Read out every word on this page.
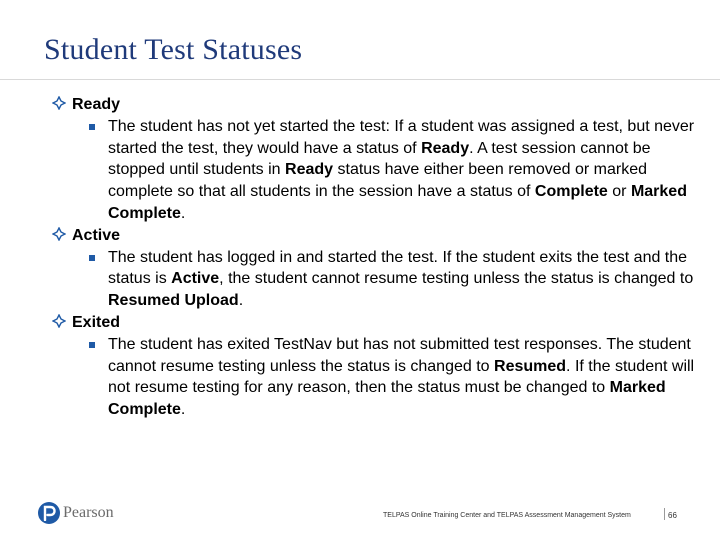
Student Test Statuses
Ready

The student has not yet started the test: If a student was assigned a test, but never started the test, they would have a status of Ready. A test session cannot be stopped until students in Ready status have either been removed or marked complete so that all students in the session have a status of Complete or Marked Complete.

Active

The student has logged in and started the test. If the student exits the test and the status is Active, the student cannot resume testing unless the status is changed to Resumed Upload.

Exited

The student has exited TestNav but has not submitted test responses. The student cannot resume testing unless the status is changed to Resumed. If the student will not resume testing for any reason, then the status must be changed to Marked Complete.

Pearson	TELPAS Online Training Center and TELPAS Assessment Management System	66
